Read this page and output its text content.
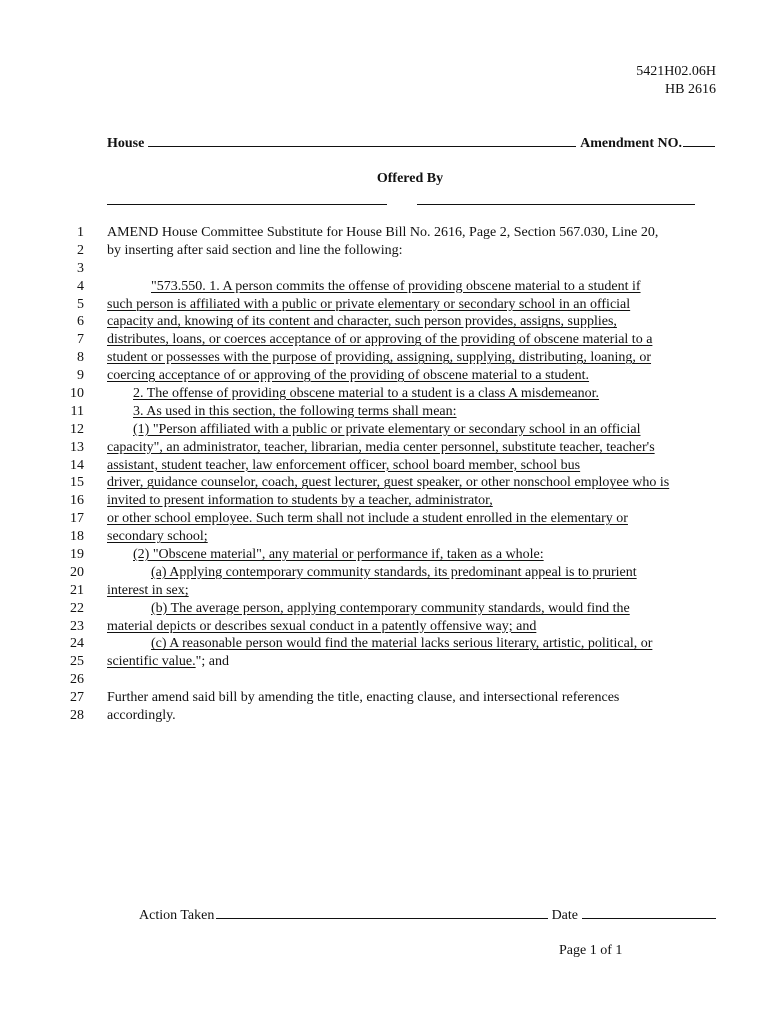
5421H02.06H
HB 2616
House	Amendment NO.
Offered By
1 AMEND House Committee Substitute for House Bill No. 2616, Page 2, Section 567.030, Line 20,
2 by inserting after said section and line the following:
3
4	"573.550. 1. A person commits the offense of providing obscene material to a student if
5 such person is affiliated with a public or private elementary or secondary school in an official
6 capacity and, knowing of its content and character, such person provides, assigns, supplies,
7 distributes, loans, or coerces acceptance of or approving of the providing of obscene material to a
8 student or possesses with the purpose of providing, assigning, supplying, distributing, loaning, or
9 coercing acceptance of or approving of the providing of obscene material to a student.
10	2. The offense of providing obscene material to a student is a class A misdemeanor.
11	3. As used in this section, the following terms shall mean:
12	(1) "Person affiliated with a public or private elementary or secondary school in an official
13 capacity", an administrator, teacher, librarian, media center personnel, substitute teacher, teacher's
14 assistant, student teacher, law enforcement officer, school board member, school bus
15 driver, guidance counselor, coach, guest lecturer, guest speaker, or other nonschool employee who is
16 invited to present information to students by a teacher, administrator,
17 or other school employee. Such term shall not include a student enrolled in the elementary or
18 secondary school;
19	(2) "Obscene material", any material or performance if, taken as a whole:
20	(a) Applying contemporary community standards, its predominant appeal is to prurient
21 interest in sex;
22	(b) The average person, applying contemporary community standards, would find the
23 material depicts or describes sexual conduct in a patently offensive way; and
24	(c) A reasonable person would find the material lacks serious literary, artistic, political, or
25 scientific value."; and
26
27 Further amend said bill by amending the title, enacting clause, and intersectional references
28 accordingly.
Action Taken	Date
Page 1 of 1
